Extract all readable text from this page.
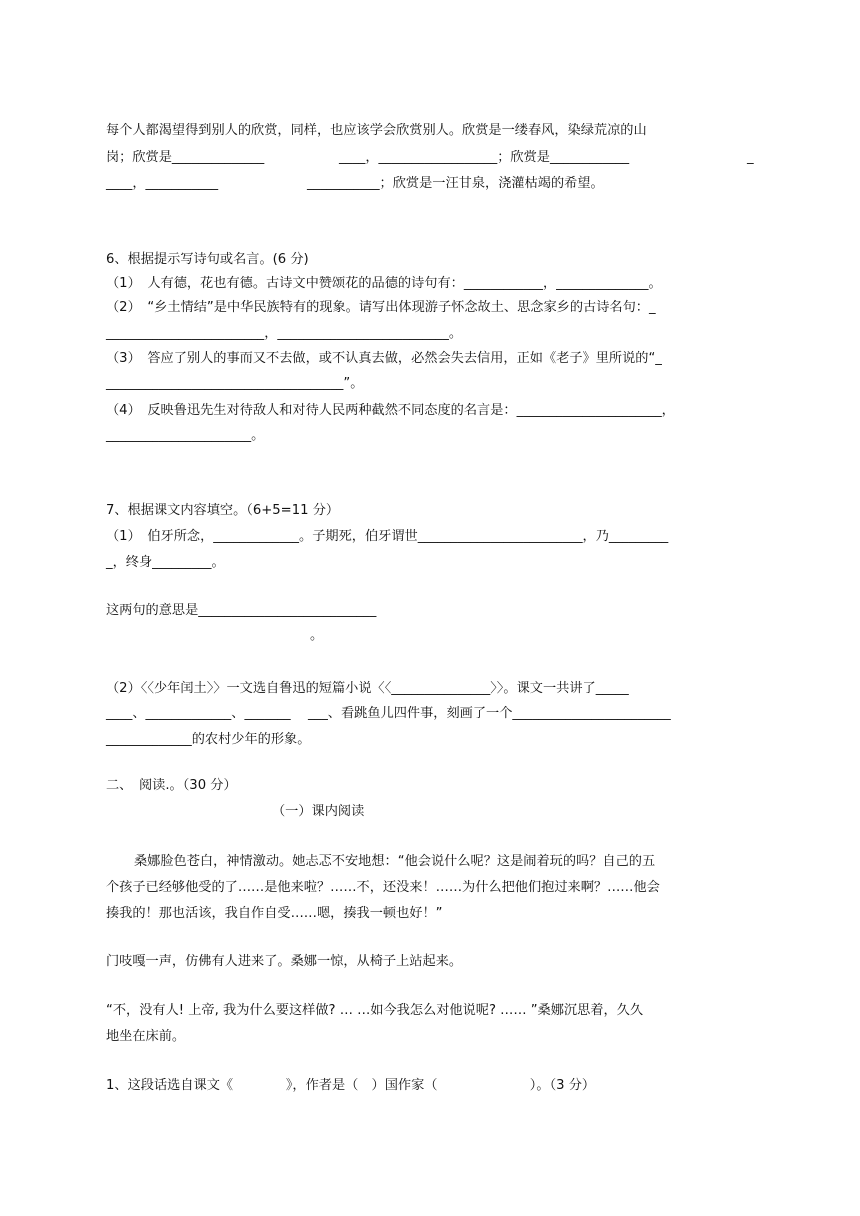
每个人都渴望得到别人的欣赏，同样，也应该学会欣赏别人。欣赏是一缕春风，染绿荒凉的山
岗；欣赏是______________	____，__________________；欣赏是____________	_
____，___________	___________；欣赏是一汪甘泉，浇灌枯竭的希望。
6、根据提示写诗句或名言。(6 分)
（1）　人有德，花也有德。古诗文中赞颂花的品德的诗句有：____________，______________。
（2）　“乡土情结”是中华民族特有的现象。请写出体现游子怀念故土、思念家乡的古诗名句：_
________________________，__________________________。
（3）　答应了别人的事而又不去做，或不认真去做，必然会失去信用，正如《老子》里所说的“_
____________________________________”。
（4）　反映鲁迅先生对待敌人和对待人民两种截然不同态度的名言是：______________________，
______________________。
7、根据课文内容填空。（6+5=11 分）
（1）　伯牙所念，_____________。子期死，伯牙谓世_________________________，乃_________
_，终身_________。
这两句的意思是___________________________
。
（2）〈〈少年闰土〉〉一文选自鲁迅的短篇小说〈〈_______________〉〉。课文一共讲了_____
____、_____________、_______　 ___、看跳鱼儿四件事，刻画了一个________________________
_____________的农村少年的形象。
二、　阅读.。（30 分）
（一）课内阅读
桑娜脸色苍白，神情激动。她忐忑不安地想：“他会说什么呢？这是闹着玩的吗？自己的五
个孩子已经够他受的了……是他来啦？……不，还没来！……为什么把他们抱过来啊？……他会
揍我的！那也活该，我自作自受……嗯，揍我一顿也好！”
门吱嘎一声，仿佛有人进来了。桑娜一惊，从椅子上站起来。
“不，没有人! 上帝, 我为什么要这样做? … …如今我怎么对他说呢? …… ”桑娜沉思着，久久
地坐在床前。
1、这段话选自课文《　　　　》，作者是（　）国作家（　　　　　　　）。（3 分）
